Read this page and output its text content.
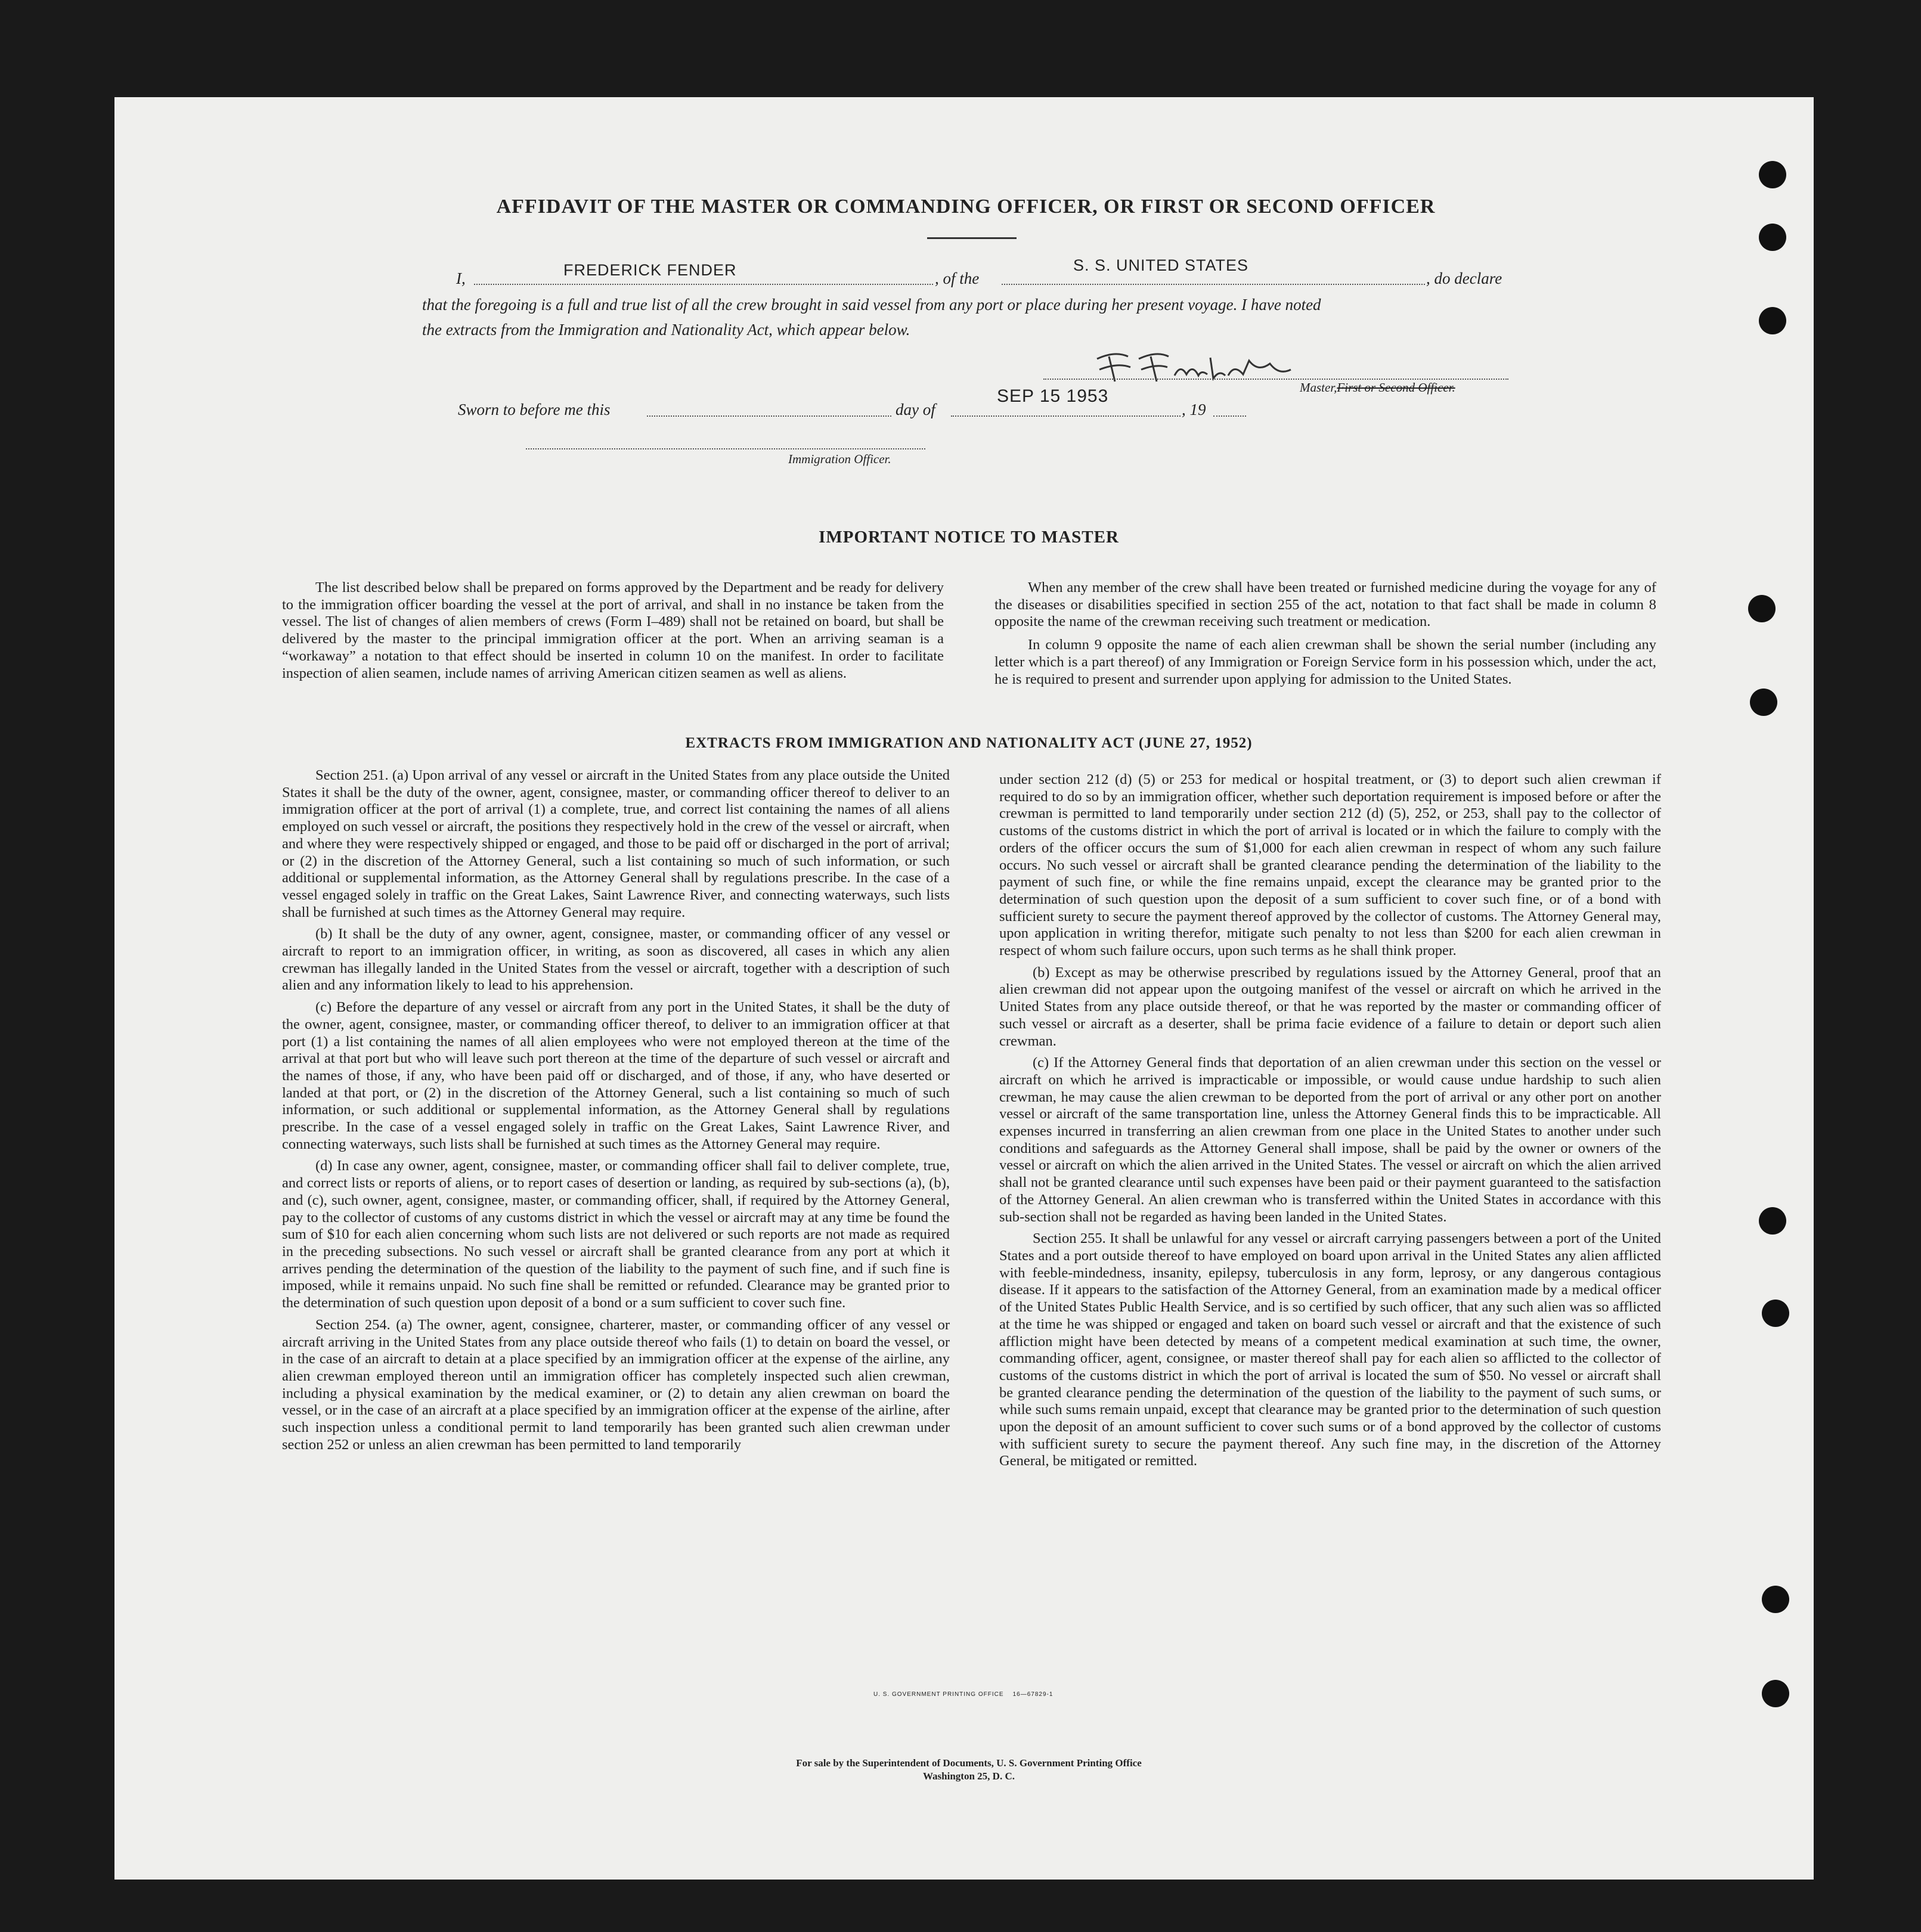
AFFIDAVIT OF THE MASTER OR COMMANDING OFFICER, OR FIRST OR SECOND OFFICER
I,	FREDERICK FENDER	, of the
S. S. UNITED STATES
, do declare
that the foregoing is a full and true list of all the crew brought in said vessel from any port or place during her present voyage. I have noted
the extracts from the Immigration and Nationality Act, which appear below.
Master,First or Second Officer.
Sworn to before me this	day of
SEP 15 1953
, 19
Immigration Officer.
IMPORTANT NOTICE TO MASTER

The list described below shall be prepared on forms approved by the Department and be ready for delivery to the immigration officer boarding the vessel at the port of arrival, and shall in no instance be taken from the vessel. The list of changes of alien members of crews (Form I–489) shall not be retained on board, but shall be delivered by the master to the principal immigration officer at the port. When an arriving seaman is a “workaway” a notation to that effect should be inserted in column 10 on the manifest. In order to facilitate inspection of alien seamen, include names of arriving American citizen seamen as well as aliens.

When any member of the crew shall have been treated or furnished medicine during the voyage for any of the diseases or disabilities specified in section 255 of the act, notation to that fact shall be made in column 8 opposite the name of the crewman receiving such treatment or medication.

In column 9 opposite the name of each alien crewman shall be shown the serial number (including any letter which is a part thereof) of any Immigration or Foreign Service form in his possession which, under the act, he is required to present and surrender upon applying for admission to the United States.

EXTRACTS FROM IMMIGRATION AND NATIONALITY ACT (JUNE 27, 1952)

Section 251. (a) Upon arrival of any vessel or aircraft in the United States from any place outside the United States it shall be the duty of the owner, agent, consignee, master, or commanding officer thereof to deliver to an immigration officer at the port of arrival (1) a complete, true, and correct list containing the names of all aliens employed on such vessel or aircraft, the positions they respectively hold in the crew of the vessel or aircraft, when and where they were respectively shipped or engaged, and those to be paid off or discharged in the port of arrival; or (2) in the discretion of the Attorney General, such a list containing so much of such information, or such additional or supplemental information, as the Attorney General shall by regulations prescribe. In the case of a vessel engaged solely in traffic on the Great Lakes, Saint Lawrence River, and connecting waterways, such lists shall be furnished at such times as the Attorney General may require.

(b) It shall be the duty of any owner, agent, consignee, master, or commanding officer of any vessel or aircraft to report to an immigration officer, in writing, as soon as discovered, all cases in which any alien crewman has illegally landed in the United States from the vessel or aircraft, together with a description of such alien and any information likely to lead to his apprehension.

(c) Before the departure of any vessel or aircraft from any port in the United States, it shall be the duty of the owner, agent, consignee, master, or commanding officer thereof, to deliver to an immigration officer at that port (1) a list containing the names of all alien employees who were not employed thereon at the time of the arrival at that port but who will leave such port thereon at the time of the departure of such vessel or aircraft and the names of those, if any, who have been paid off or discharged, and of those, if any, who have deserted or landed at that port, or (2) in the discretion of the Attorney General, such a list containing so much of such information, or such additional or supplemental information, as the Attorney General shall by regulations prescribe. In the case of a vessel engaged solely in traffic on the Great Lakes, Saint Lawrence River, and connecting waterways, such lists shall be furnished at such times as the Attorney General may require.

(d) In case any owner, agent, consignee, master, or commanding officer shall fail to deliver complete, true, and correct lists or reports of aliens, or to report cases of desertion or landing, as required by sub-sections (a), (b), and (c), such owner, agent, consignee, master, or commanding officer, shall, if required by the Attorney General, pay to the collector of customs of any customs district in which the vessel or aircraft may at any time be found the sum of $10 for each alien concerning whom such lists are not delivered or such reports are not made as required in the preceding subsections. No such vessel or aircraft shall be granted clearance from any port at which it arrives pending the determination of the question of the liability to the payment of such fine, and if such fine is imposed, while it remains unpaid. No such fine shall be remitted or refunded. Clearance may be granted prior to the determination of such question upon deposit of a bond or a sum sufficient to cover such fine.

Section 254. (a) The owner, agent, consignee, charterer, master, or commanding officer of any vessel or aircraft arriving in the United States from any place outside thereof who fails (1) to detain on board the vessel, or in the case of an aircraft to detain at a place specified by an immigration officer at the expense of the airline, any alien crewman employed thereon until an immigration officer has completely inspected such alien crewman, including a physical examination by the medical examiner, or (2) to detain any alien crewman on board the vessel, or in the case of an aircraft at a place specified by an immigration officer at the expense of the airline, after such inspection unless a conditional permit to land temporarily has been granted such alien crewman under section 252 or unless an alien crewman has been permitted to land temporarily

under section 212 (d) (5) or 253 for medical or hospital treatment, or (3) to deport such alien crewman if required to do so by an immigration officer, whether such deportation requirement is imposed before or after the crewman is permitted to land temporarily under section 212 (d) (5), 252, or 253, shall pay to the collector of customs of the customs district in which the port of arrival is located or in which the failure to comply with the orders of the officer occurs the sum of $1,000 for each alien crewman in respect of whom any such failure occurs. No such vessel or aircraft shall be granted clearance pending the determination of the liability to the payment of such fine, or while the fine remains unpaid, except the clearance may be granted prior to the determination of such question upon the deposit of a sum sufficient to cover such fine, or of a bond with sufficient surety to secure the payment thereof approved by the collector of customs. The Attorney General may, upon application in writing therefor, mitigate such penalty to not less than $200 for each alien crewman in respect of whom such failure occurs, upon such terms as he shall think proper.

(b) Except as may be otherwise prescribed by regulations issued by the Attorney General, proof that an alien crewman did not appear upon the outgoing manifest of the vessel or aircraft on which he arrived in the United States from any place outside thereof, or that he was reported by the master or commanding officer of such vessel or aircraft as a deserter, shall be prima facie evidence of a failure to detain or deport such alien crewman.

(c) If the Attorney General finds that deportation of an alien crewman under this section on the vessel or aircraft on which he arrived is impracticable or impossible, or would cause undue hardship to such alien crewman, he may cause the alien crewman to be deported from the port of arrival or any other port on another vessel or aircraft of the same transportation line, unless the Attorney General finds this to be impracticable. All expenses incurred in transferring an alien crewman from one place in the United States to another under such conditions and safeguards as the Attorney General shall impose, shall be paid by the owner or owners of the vessel or aircraft on which the alien arrived in the United States. The vessel or aircraft on which the alien arrived shall not be granted clearance until such expenses have been paid or their payment guaranteed to the satisfaction of the Attorney General. An alien crewman who is transferred within the United States in accordance with this sub-section shall not be regarded as having been landed in the United States.

Section 255. It shall be unlawful for any vessel or aircraft carrying passengers between a port of the United States and a port outside thereof to have employed on board upon arrival in the United States any alien afflicted with feeble-mindedness, insanity, epilepsy, tuberculosis in any form, leprosy, or any dangerous contagious disease. If it appears to the satisfaction of the Attorney General, from an examination made by a medical officer of the United States Public Health Service, and is so certified by such officer, that any such alien was so afflicted at the time he was shipped or engaged and taken on board such vessel or aircraft and that the existence of such affliction might have been detected by means of a competent medical examination at such time, the owner, commanding officer, agent, consignee, or master thereof shall pay for each alien so afflicted to the collector of customs of the customs district in which the port of arrival is located the sum of $50. No vessel or aircraft shall be granted clearance pending the determination of the question of the liability to the payment of such sums, or while such sums remain unpaid, except that clearance may be granted prior to the determination of such question upon the deposit of an amount sufficient to cover such sums or of a bond approved by the collector of customs with sufficient surety to secure the payment thereof. Any such fine may, in the discretion of the Attorney General, be mitigated or remitted.

U. S. GOVERNMENT PRINTING OFFICE    16—67829-1
For sale by the Superintendent of Documents, U. S. Government Printing Office
Washington 25, D. C.
